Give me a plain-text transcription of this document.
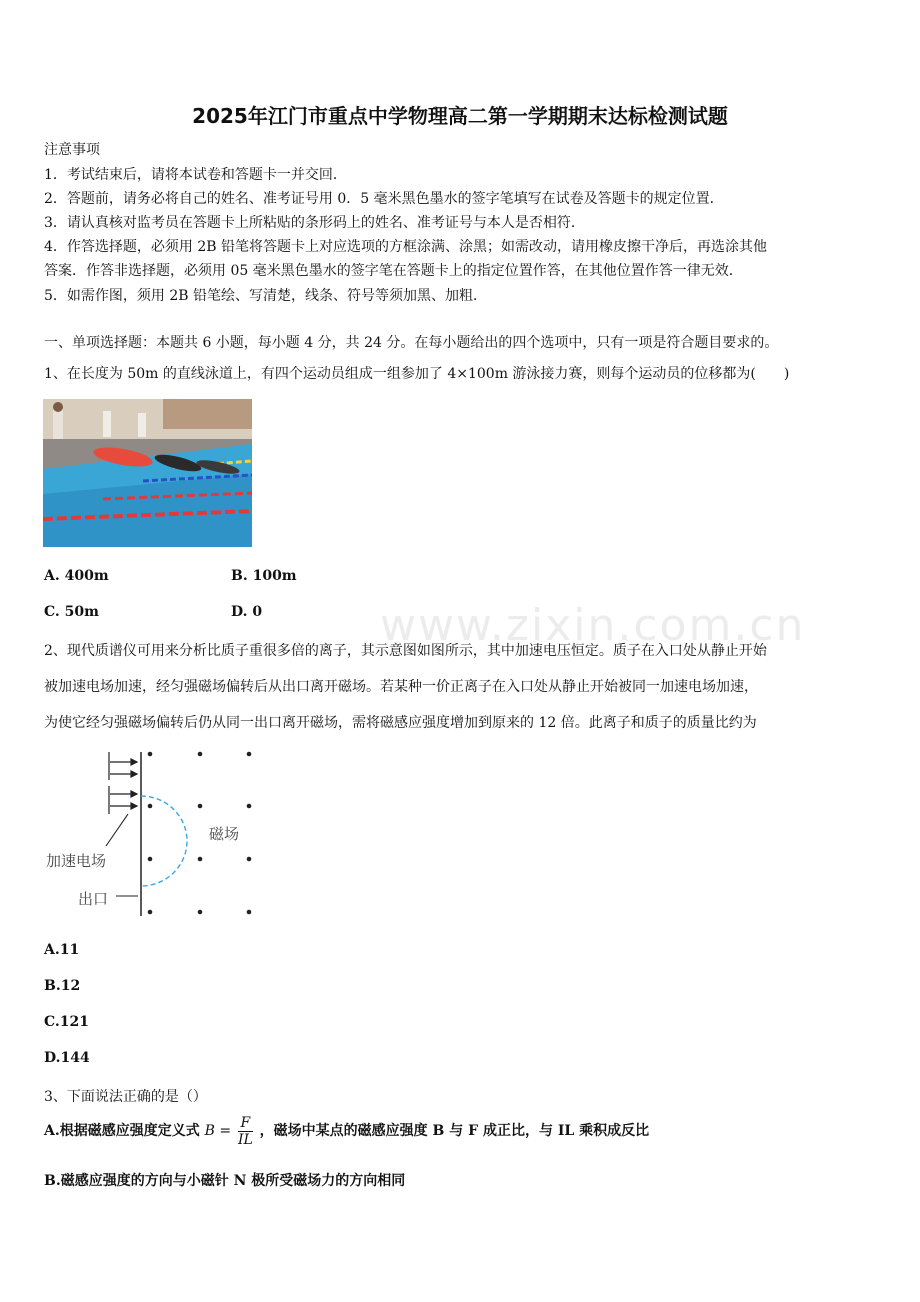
www.zixin.com.cn
2025年江门市重点中学物理高二第一学期期末达标检测试题
注意事项
1．考试结束后，请将本试卷和答题卡一并交回．
2．答题前，请务必将自己的姓名、准考证号用 0．5 毫米黑色墨水的签字笔填写在试卷及答题卡的规定位置．
3．请认真核对监考员在答题卡上所粘贴的条形码上的姓名、准考证号与本人是否相符．
4．作答选择题，必须用 2B 铅笔将答题卡上对应选项的方框涂满、涂黑；如需改动，请用橡皮擦干净后，再选涂其他
答案．作答非选择题，必须用 05 毫米黑色墨水的签字笔在答题卡上的指定位置作答，在其他位置作答一律无效．
5．如需作图，须用 2B 铅笔绘、写清楚，线条、符号等须加黑、加粗．
一、单项选择题：本题共 6 小题，每小题 4 分，共 24 分。在每小题给出的四个选项中，只有一项是符合题目要求的。
1、在长度为 50m 的直线泳道上，有四个运动员组成一组参加了 4×100m 游泳接力赛，则每个运动员的位移都为(　　)
A. 400m	B. 100m
C. 50m	D. 0
2、现代质谱仪可用来分析比质子重很多倍的离子，其示意图如图所示，其中加速电压恒定。质子在入口处从静止开始
被加速电场加速，经匀强磁场偏转后从出口离开磁场。若某种一价正离子在入口处从静止开始被同一加速电场加速，
为使它经匀强磁场偏转后仍从同一出口离开磁场，需将磁感应强度增加到原来的 12 倍。此离子和质子的质量比约为
磁场
加速电场
出口
A.11
B.12
C.121
D.144
3、下面说法正确的是（）
A.根据磁感应强度定义式 $B = \frac{F}{IL}$ ，磁场中某点的磁感应强度 B 与 F 成正比，与 IL 乘积成反比
B.磁感应强度的方向与小磁针 N 极所受磁场力的方向相同
